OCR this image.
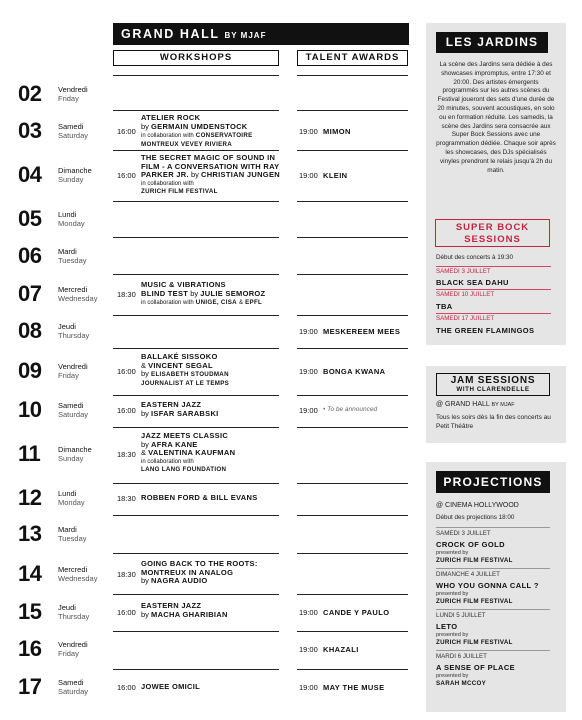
GRAND HALL BY MJAF
WORKSHOPS	TALENT AWARDS
02 Vendredi
Friday
03 Samedi
Saturday	16:00
ATELIER ROCK
by GERMAIN UMDENSTOCK
in collaboration with CONSERVATOIRE
MONTREUX VEVEY RIVIERA
19:00 MIMON
04 Dimanche
Sunday	16:00
THE SECRET MAGIC OF SOUND IN
FILM - A CONVERSATION WITH RAY
PARKER JR. by CHRISTIAN JUNGEN
in collaboration with
ZURICH FILM FESTIVAL
19:00 KLEIN
05 Lundi
Monday
06 Mardi
Tuesday
07 Mercredi
Wednesday	18:30
MUSIC & VIBRATIONS
BLIND TEST by JULIE SEMOROZ
in collaboration with UNIGE, CISA & EPFL
08 Jeudi
Thursday	19:00 MESKEREEM MEES
09 Vendredi
Friday	16:00
BALLAKÉ SISSOKO
& VINCENT SEGAL
by ELISABETH STOUDMAN
JOURNALIST AT LE TEMPS
19:00 BONGA KWANA
10 Samedi
Saturday	16:00
EASTERN JAZZ
by ISFAR SARABSKI	19:00 • To be announced
11 Dimanche
Sunday	18:30
JAZZ MEETS CLASSIC
by AFRA KANE
& VALENTINA KAUFMAN
in collaboration with
LANG LANG FOUNDATION
12 Lundi
Monday	18:30 ROBBEN FORD & BILL EVANS
13 Mardi
Tuesday
14 Mercredi
Wednesday	18:30
GOING BACK TO THE ROOTS:
MONTREUX IN ANALOG
by NAGRA AUDIO
15 Jeudi
Thursday	16:00
EASTERN JAZZ
by MACHA GHARIBIAN	19:00 CANDE Y PAULO
16 Vendredi
Friday	19:00 KHAZALI
17 Samedi
Saturday	16:00 JOWEE OMICIL	19:00 MAY THE MUSE
LES JARDINS
La scène des Jardins sera dédiée à des showcases impromptus, entre 17:30 et 20:00. Des artistes émergents programmés sur les autres scènes du Festival joueront des sets d'une durée de 20 minutes, souvent acoustiques, en solo ou en formation réduite. Les samedis, la scène des Jardins sera consacrée aux Super Bock Sessions avec une programmation dédiée. Chaque soir après les showcases, des DJs spécialisés vinyles prendront le relais jusqu'à 2h du matin.
SUPER BOCK
SESSIONS
Début des concerts à 19:30
SAMEDI 3 JUILLET
BLACK SEA DAHU
SAMEDI 10 JUILLET
TBA
SAMEDI 17 JUILLET
THE GREEN FLAMINGOS
JAM SESSIONS
WITH CLARENDELLE
@ GRAND HALL BY MJAF
Tous les soirs dès la fin des concerts au Petit Théâtre
PROJECTIONS
@ CINEMA HOLLYWOOD
Début des projections 18:00
SAMEDI 3 JUILLET
CROCK OF GOLD
presented by
ZURICH FILM FESTIVAL
DIMANCHE 4 JUILLET
WHO YOU GONNA CALL ?
presented by
ZURICH FILM FESTIVAL
LUNDI 5 JUILLET
LETO
presented by
ZURICH FILM FESTIVAL
MARDI 6 JUILLET
A SENSE OF PLACE
presented by
SARAH MCCOY
